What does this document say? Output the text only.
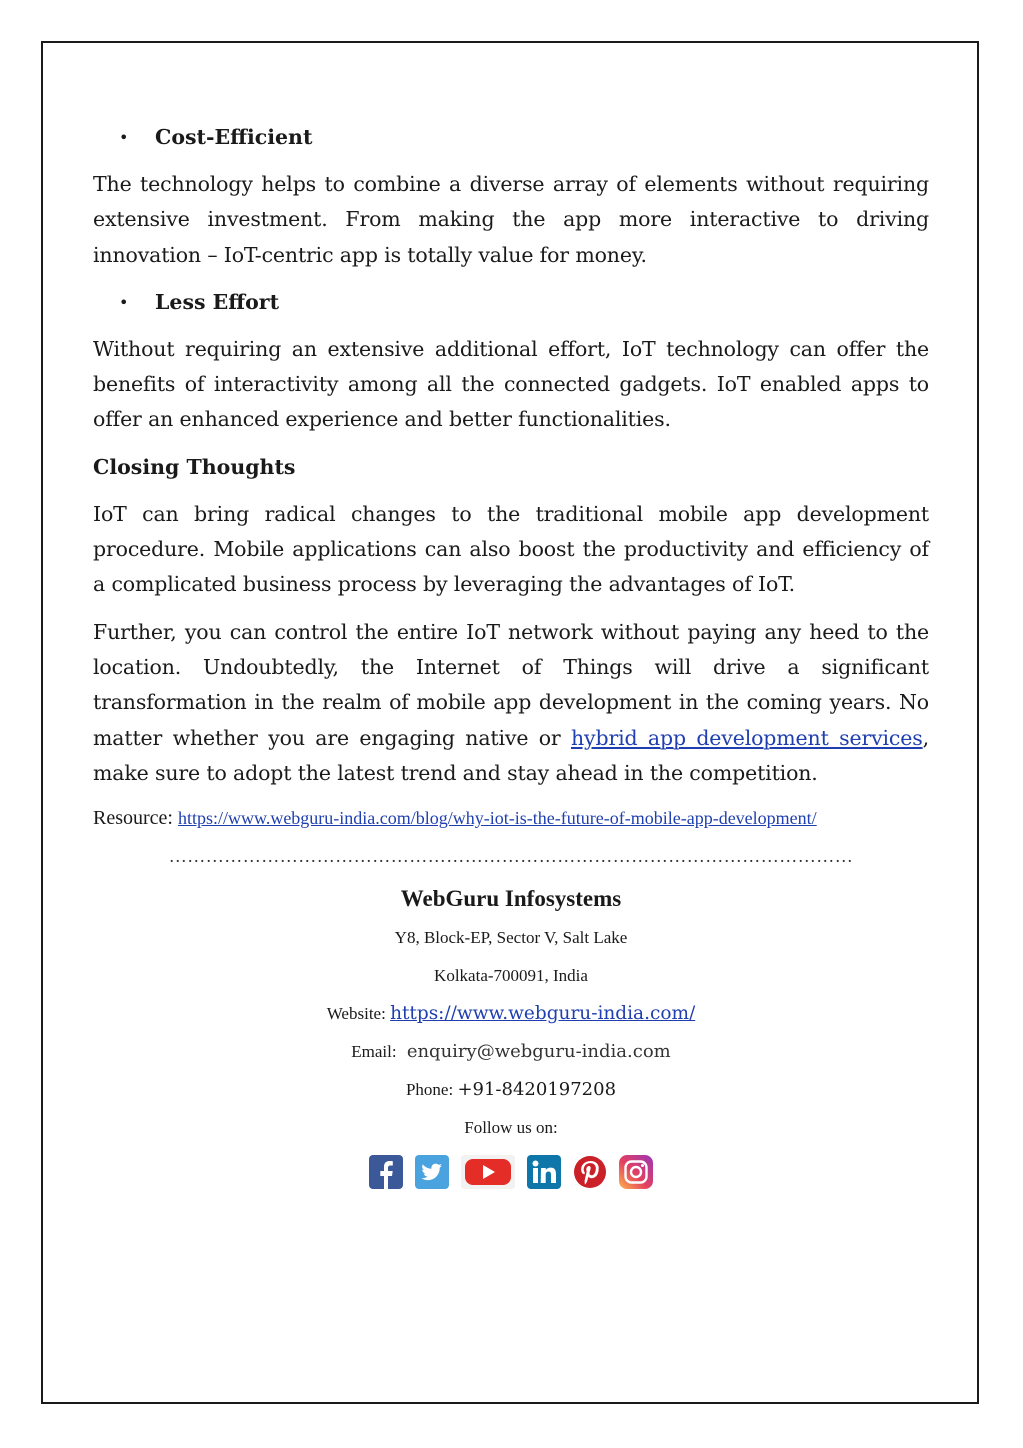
•	Cost-Efficient

The technology helps to combine a diverse array of elements without requiring extensive investment. From making the app more interactive to driving innovation – IoT-centric app is totally value for money.

•	Less Effort

Without requiring an extensive additional effort, IoT technology can offer the benefits of interactivity among all the connected gadgets. IoT enabled apps to offer an enhanced experience and better functionalities.

Closing Thoughts

IoT can bring radical changes to the traditional mobile app development procedure. Mobile applications can also boost the productivity and efficiency of a complicated business process by leveraging the advantages of IoT.

Further, you can control the entire IoT network without paying any heed to the location. Undoubtedly, the Internet of Things will drive a significant transformation in the realm of mobile app development in the coming years. No matter whether you are engaging native or hybrid app development services, make sure to adopt the latest trend and stay ahead in the competition.

Resource: https://www.webguru-india.com/blog/why-iot-is-the-future-of-mobile-app-development/
…………………………………………………………………………………………………
WebGuru Infosystems
Y8, Block-EP, Sector V, Salt Lake
Kolkata-700091, India
Website: https://www.webguru-india.com/
Email: enquiry@webguru-india.com
Phone: +91-8420197208
Follow us on:
